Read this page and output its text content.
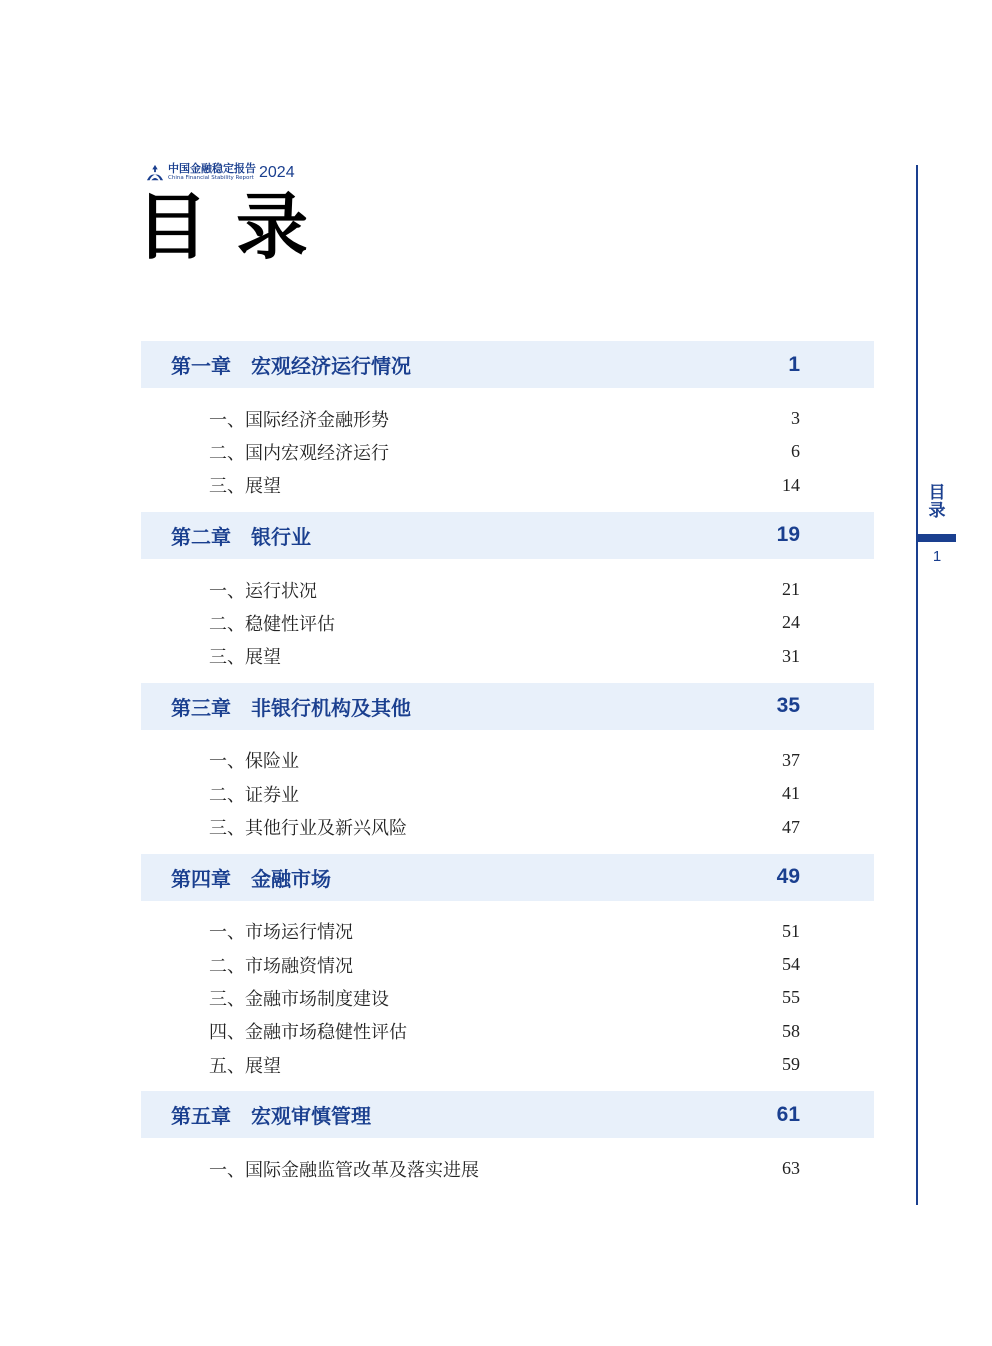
中国金融稳定报告
China Financial Stability Report 2024
目录
第一章　宏观经济运行情况	1
一、国际经济金融形势	3
二、国内宏观经济运行	6
三、展望	14
第二章　银行业	19
一、运行状况	21
二、稳健性评估	24
三、展望	31
第三章　非银行机构及其他	35
一、保险业	37
二、证券业	41
三、其他行业及新兴风险	47
第四章　金融市场	49
一、市场运行情况	51
二、市场融资情况	54
三、金融市场制度建设	55
四、金融市场稳健性评估	58
五、展望	59
第五章　宏观审慎管理	61
一、国际金融监管改革及落实进展	63
目录
1
